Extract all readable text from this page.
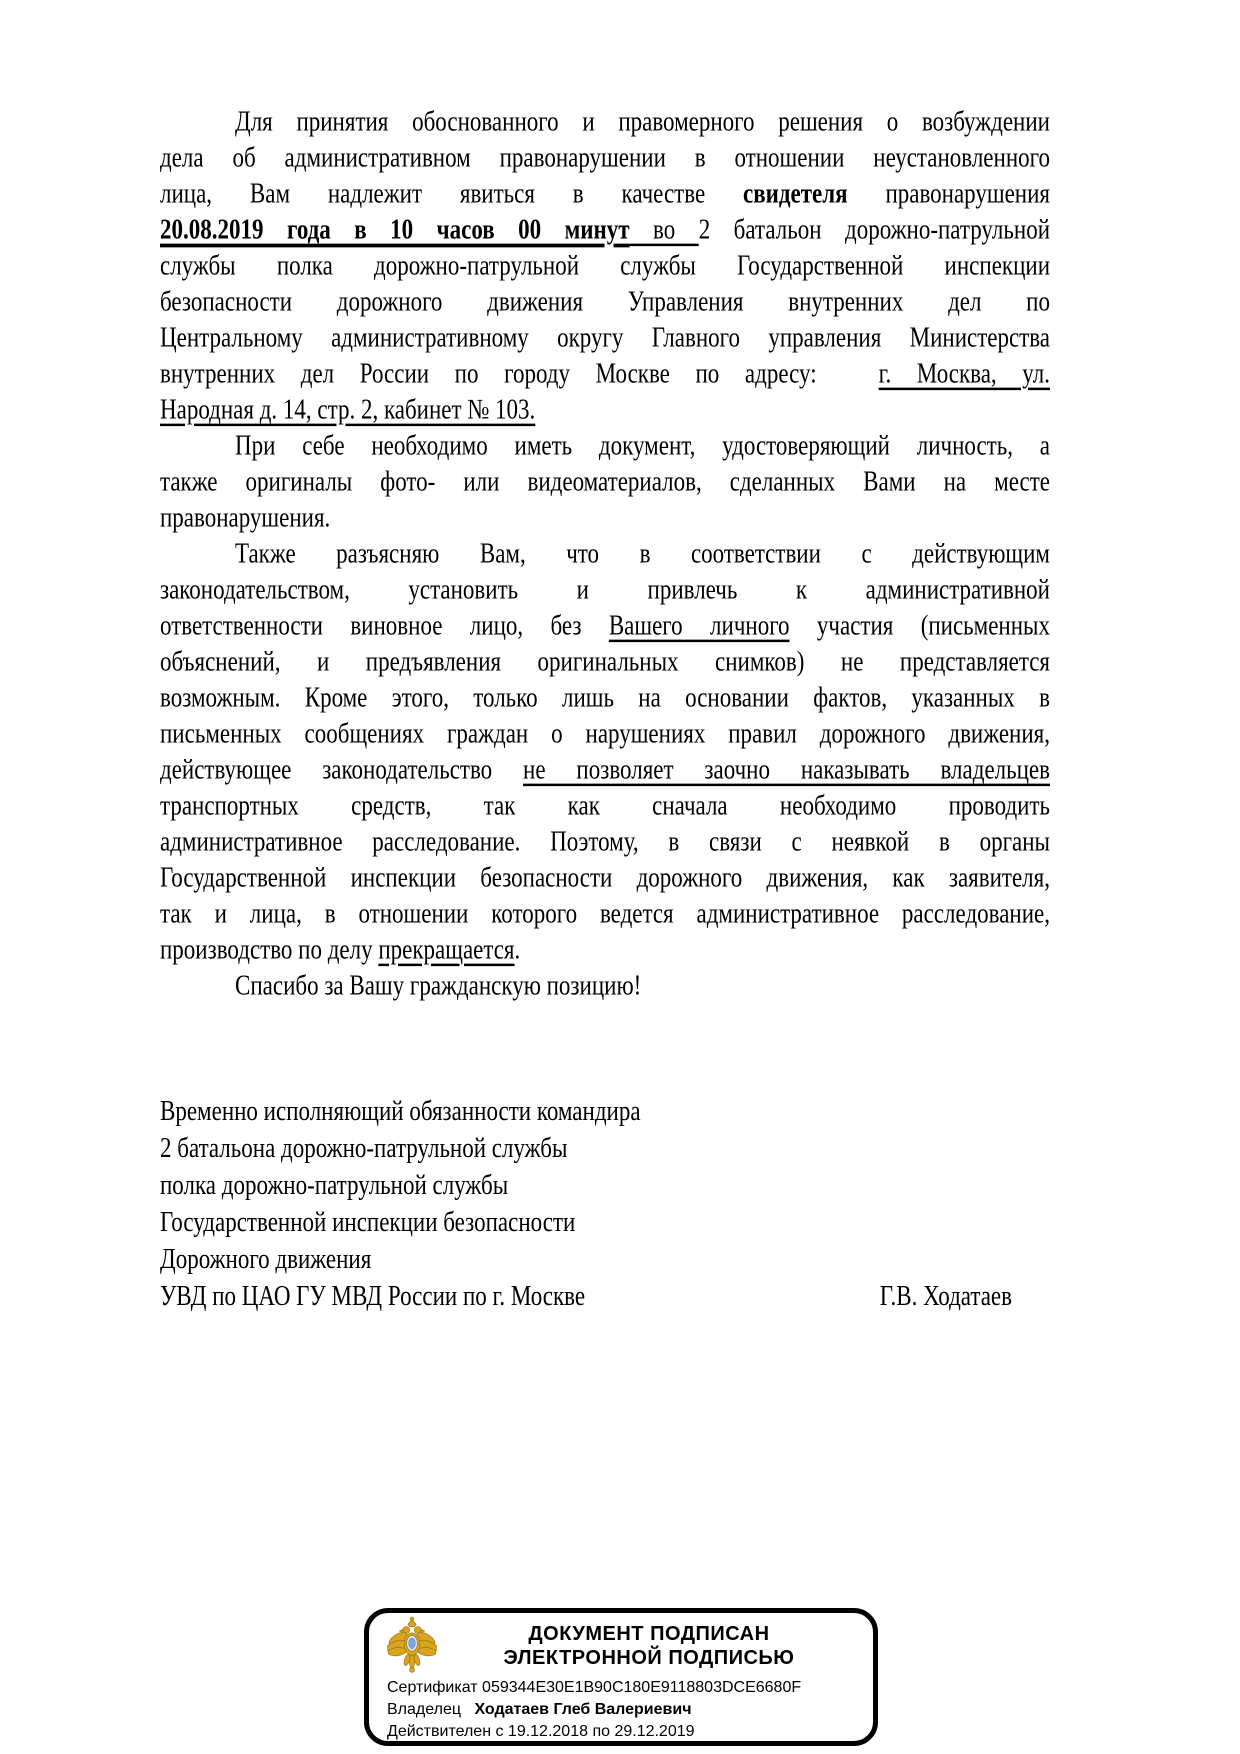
Для принятия обоснованного и правомерного решения о возбуждении
дела об административном правонарушении в отношении неустановленного
лица, Вам надлежит явиться в качестве свидетеля правонарушения
20.08.2019 года в 10 часов 00 минут во 2 батальон дорожно-патрульной
службы полка дорожно-патрульной службы Государственной инспекции
безопасности дорожного движения Управления внутренних дел по
Центральному административному округу Главного управления Министерства
внутренних дел России по городу Москве по адресу:	г. Москва, ул.
Народная д. 14, стр. 2, кабинет № 103.
При себе необходимо иметь документ, удостоверяющий личность, а
также оригиналы фото- или видеоматериалов, сделанных Вами на месте
правонарушения.
Также разъясняю Вам, что в соответствии с действующим
законодательством, установить и привлечь к административной
ответственности виновное лицо, без Вашего личного участия (письменных
объяснений, и предъявления оригинальных снимков) не представляется
возможным. Кроме этого, только лишь на основании фактов, указанных в
письменных сообщениях граждан о нарушениях правил дорожного движения,
действующее законодательство не позволяет заочно наказывать владельцев
транспортных средств, так как сначала необходимо проводить
административное расследование. Поэтому, в связи с неявкой в органы
Государственной инспекции безопасности дорожного движения, как заявителя,
так и лица, в отношении которого ведется административное расследование,
производство по делу прекращается.
Спасибо за Вашу гражданскую позицию!
Временно исполняющий обязанности командира
2 батальона дорожно-патрульной службы
полка дорожно-патрульной службы
Государственной инспекции безопасности
Дорожного движения
УВД по ЦАО ГУ МВД России по г. Москве	Г.В. Ходатаев
ДОКУМЕНТ ПОДПИСАН
ЭЛЕКТРОННОЙ ПОДПИСЬЮ
Сертификат 059344E30E1B90C180E9118803DCE6680F
Владелец Ходатаев Глеб Валериевич
Действителен с 19.12.2018 по 29.12.2019
